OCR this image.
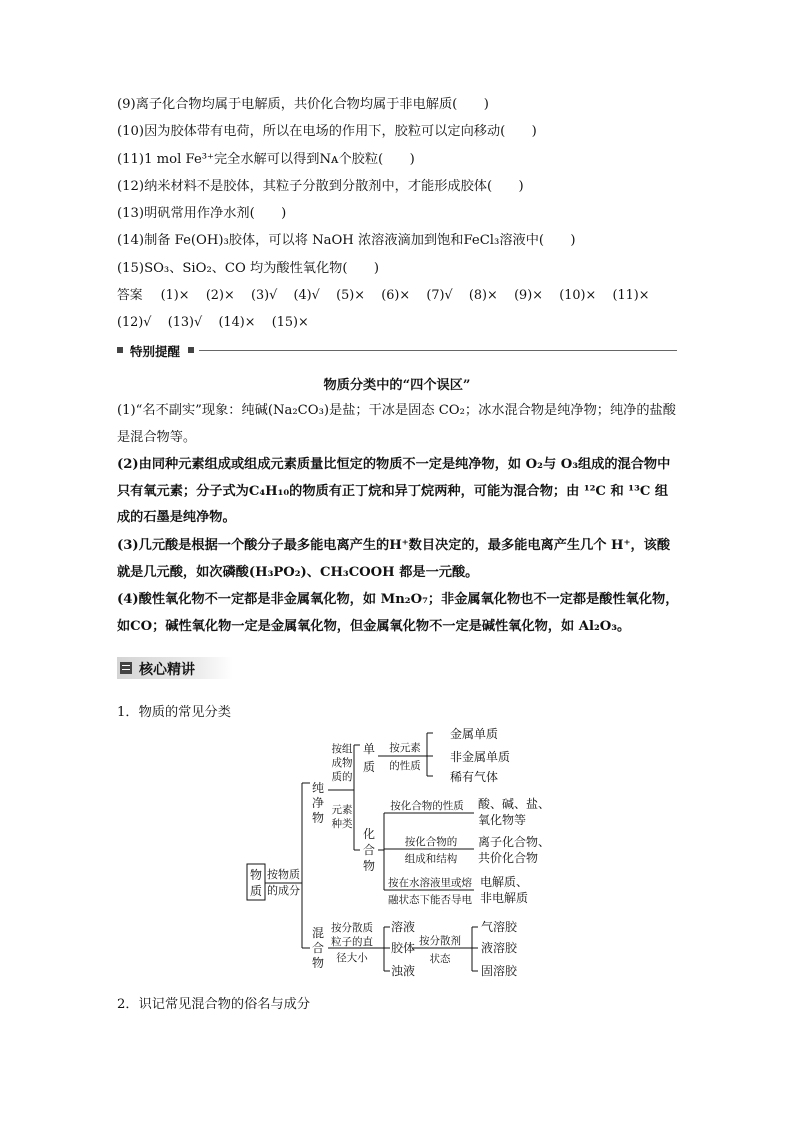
(9)离子化合物均属于电解质，共价化合物均属于非电解质(　　)
(10)因为胶体带有电荷，所以在电场的作用下，胶粒可以定向移动(　　)
(11)1 mol Fe³⁺完全水解可以得到Nᴀ个胶粒(　　)
(12)纳米材料不是胶体，其粒子分散到分散剂中，才能形成胶体(　　)
(13)明矾常用作净水剂(　　)
(14)制备 Fe(OH)₃胶体，可以将 NaOH 浓溶液滴加到饱和FeCl₃溶液中(　　)
(15)SO₃、SiO₂、CO 均为酸性氧化物(　　)
答案 (1)× (2)× (3)√ (4)√ (5)× (6)× (7)√ (8)× (9)× (10)× (11)×
(12)√ (13)√ (14)× (15)×
特别提醒
物质分类中的“四个误区”
(1)“名不副实”现象：纯碱(Na₂CO₃)是盐；干冰是固态 CO₂；冰水混合物是纯净物；纯净的盐酸是混合物等。
(2)由同种元素组成或组成元素质量比恒定的物质不一定是纯净物，如 O₂与 O₃组成的混合物中只有氧元素；分子式为C₄H₁₀的物质有正丁烷和异丁烷两种，可能为混合物；由 ¹²C 和 ¹³C 组成的石墨是纯净物。
(3)几元酸是根据一个酸分子最多能电离产生的H⁺数目决定的，最多能电离产生几个 H⁺，该酸就是几元酸，如次磷酸(H₃PO₂)、CH₃COOH 都是一元酸。
(4)酸性氧化物不一定都是非金属氧化物，如 Mn₂O₇；非金属氧化物也不一定都是酸性氧化物，如CO；碱性氧化物一定是金属氧化物，但金属氧化物不一定是碱性氧化物，如 Al₂O₃。
核心精讲
1．物质的常见分类
物
质
按物质
的成分
纯
净
物
按组
成物
质的
元素
种类
单
质
按元素
的性质
金属单质
非金属单质
稀有气体
化
合
物
按化合物的性质 酸、碱、盐、
氧化物等
按化合物的
组成和结构
离子化合物、
共价化合物
按在水溶液里或熔
融状态下能否导电
电解质、
非电解质
混
合
物
按分散质
粒子的直
径大小
溶液
胶体
浊液
按分散剂
状态
气溶胶
液溶胶
固溶胶
2．识记常见混合物的俗名与成分
